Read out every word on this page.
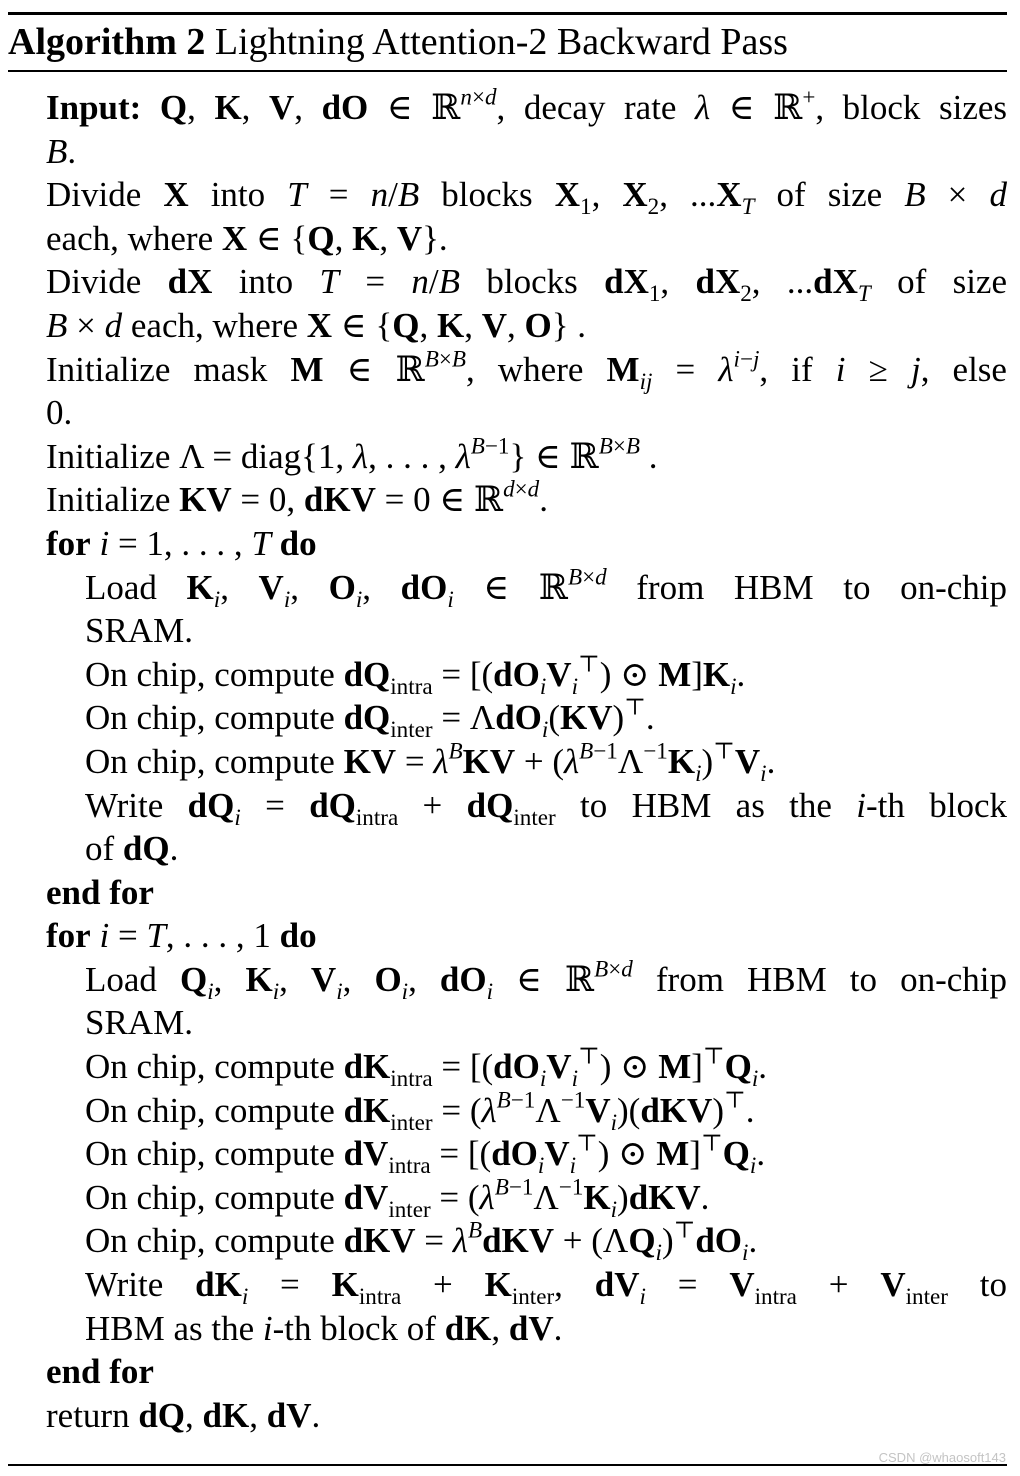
Algorithm 2 Lightning Attention-2 Backward Pass
Input: Q, K, V, dO ∈ ℝ$^{n\times d}$, decay rate λ ∈ ℝ+, block sizes
B.
Divide X into T = n/B blocks $X_1$, $X_2$, $...X_T$ of size B × d
each, where X ∈ {Q, K, V}.
Divide dX into T = n/B blocks $dX_1$, $dX_2$, $...dX_T$ of size
B × d each, where X ∈ {Q, K, V, O} .
Initialize mask M ∈ ℝ$^{B\times B}$, where $M_{ij} = \lambda^{i-j}$, if i ≥ j, else
0.
Initialize Λ = diag{1, λ, . . . , $\lambda^{B-1}$} ∈ ℝ$^{B\times B}$ .
Initialize KV = 0, dKV = 0 ∈ ℝ$^{d\times d}$.
for i = 1, . . . , T do
Load $K_i$, $V_i$, $O_i$, $dO_i$ ∈ ℝ$^{B\times d}$ from HBM to on-chip
SRAM.
On chip, compute $dQ_{intra} = [(dO_iV_i^⊤)$ ⊙ $M]K_i$.
On chip, compute $dQ_{inter} = \Lambda dO_i(KV)^⊤$.
On chip, compute KV = $\lambda^BKV + (\lambda^{B-1}\Lambda^{-1}K_i)^⊤V_i$.
Write $dQ_i = dQ_{intra} + dQ_{inter}$ to HBM as the i-th block
of dQ.
end for
for i = T, . . . , 1 do
Load $Q_i$, $K_i$, $V_i$, $O_i$, $dO_i$ ∈ ℝ$^{B\times d}$ from HBM to on-chip
SRAM.
On chip, compute $dK_{intra} = [(dO_iV_i^⊤)$ ⊙ $M]^⊤Q_i$.
On chip, compute $dK_{inter} = (\lambda^{B-1}\Lambda^{-1}V_i)(dKV)^⊤$.
On chip, compute $dV_{intra} = [(dO_iV_i^⊤)$ ⊙ $M]^⊤Q_i$.
On chip, compute $dV_{inter} = (\lambda^{B-1}\Lambda^{-1}K_i)dKV$.
On chip, compute dKV = $\lambda^BdKV + (\Lambda Q_i)^⊤dO_i$.
Write $dK_i = K_{intra} + K_{inter}$, $dV_i = V_{intra} + V_{inter}$ to
HBM as the i-th block of dK, dV.
end for
return dQ, dK, dV.
CSDN @whaosoft143
